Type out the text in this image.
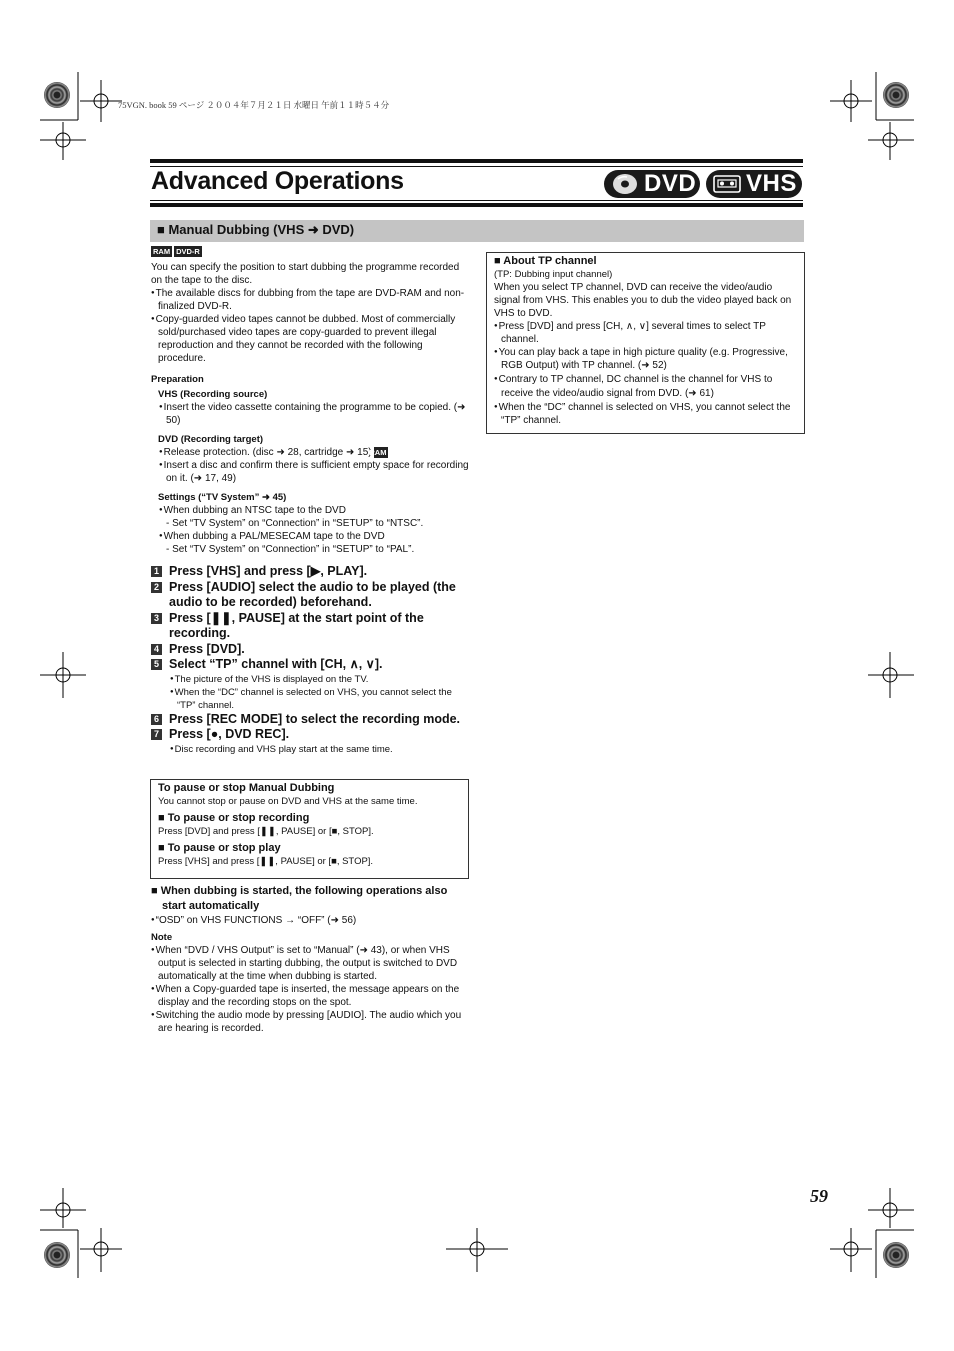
75VGN. book 59 ページ ２００４年７月２１日 水曜日 午前１１時５４分
Advanced Operations	DVD VHS
■ Manual Dubbing (VHS ➜ DVD)
RAM DVD-R

You can specify the position to start dubbing the programme recorded on the tape to the disc.

● The available discs for dubbing from the tape are DVD-RAM and non-finalized DVD-R.

● Copy-guarded video tapes cannot be dubbed. Most of commercially sold/purchased video tapes are copy-guarded to prevent illegal reproduction and they cannot be recorded with the following procedure.

Preparation

VHS (Recording source)

● Insert the video cassette containing the programme to be copied. (➜ 50)

DVD (Recording target)

● Release protection. (disc ➜ 28, cartridge ➜ 15) RAM

● Insert a disc and confirm there is sufficient empty space for recording on it. (➜ 17, 49)

Settings (“TV System” ➜ 45)

● When dubbing an NTSC tape to the DVD

- Set “TV System” on “Connection” in “SETUP” to “NTSC”.

● When dubbing a PAL/MESECAM tape to the DVD

- Set “TV System” on “Connection” in “SETUP” to “PAL”.

1 Press [VHS] and press [▶, PLAY].
2 Press [AUDIO] select the audio to be played (the audio to be recorded) beforehand.
3 Press [❚❚, PAUSE] at the start point of the recording.
4 Press [DVD].
5 Select “TP” channel with [CH, ∧, ∨].

● The picture of the VHS is displayed on the TV.

● When the “DC” channel is selected on VHS, you cannot select the “TP” channel.

6 Press [REC MODE] to select the recording mode.
7 Press [●, DVD REC].

● Disc recording and VHS play start at the same time.

To pause or stop Manual Dubbing

You cannot stop or pause on DVD and VHS at the same time.

■ To pause or stop recording

Press [DVD] and press [❚❚, PAUSE] or [■, STOP].

■ To pause or stop play

Press [VHS] and press [❚❚, PAUSE] or [■, STOP].

■ When dubbing is started, the following operations also start automatically

● “OSD” on VHS FUNCTIONS → “OFF” (➜ 56)

Note

● When “DVD / VHS Output” is set to “Manual” (➜ 43), or when VHS output is selected in starting dubbing, the output is switched to DVD automatically at the time when dubbing is started.

● When a Copy-guarded tape is inserted, the message appears on the display and the recording stops on the spot.

● Switching the audio mode by pressing [AUDIO]. The audio which you are hearing is recorded.

■ About TP channel

(TP: Dubbing input channel)

When you select TP channel, DVD can receive the video/audio signal from VHS. This enables you to dub the video played back on VHS to DVD.

● Press [DVD] and press [CH, ∧, ∨] several times to select TP channel.

● You can play back a tape in high picture quality (e.g. Progressive, RGB Output) with TP channel. (➜ 52)

● Contrary to TP channel, DC channel is the channel for VHS to receive the video/audio signal from DVD. (➜ 61)

● When the “DC” channel is selected on VHS, you cannot select the “TP” channel.

59
